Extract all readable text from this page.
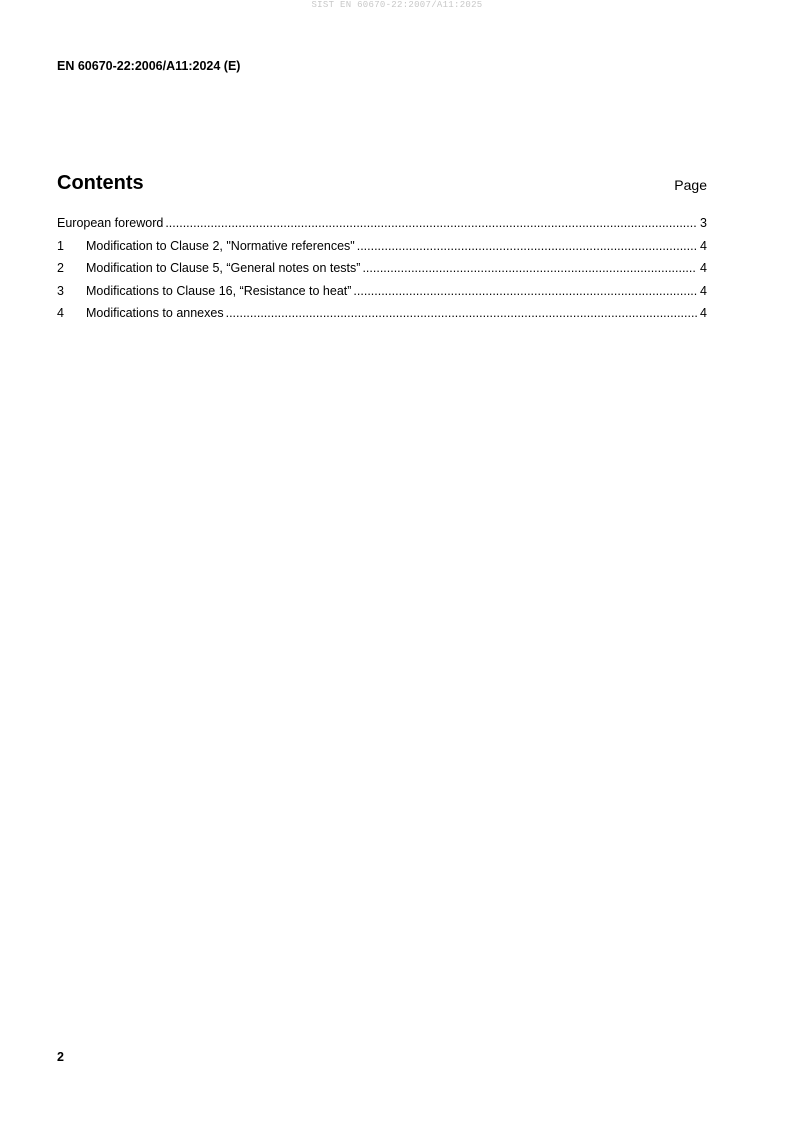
SIST EN 60670-22:2007/A11:2025
EN 60670-22:2006/A11:2024 (E)
Contents	Page
European foreword .....	3
1	Modification to Clause 2, "Normative references" .....	4
2	Modification to Clause 5, “General notes on tests” .....	4
3	Modifications to Clause 16, “Resistance to heat” .....	4
4	Modifications to annexes .....	4
2
